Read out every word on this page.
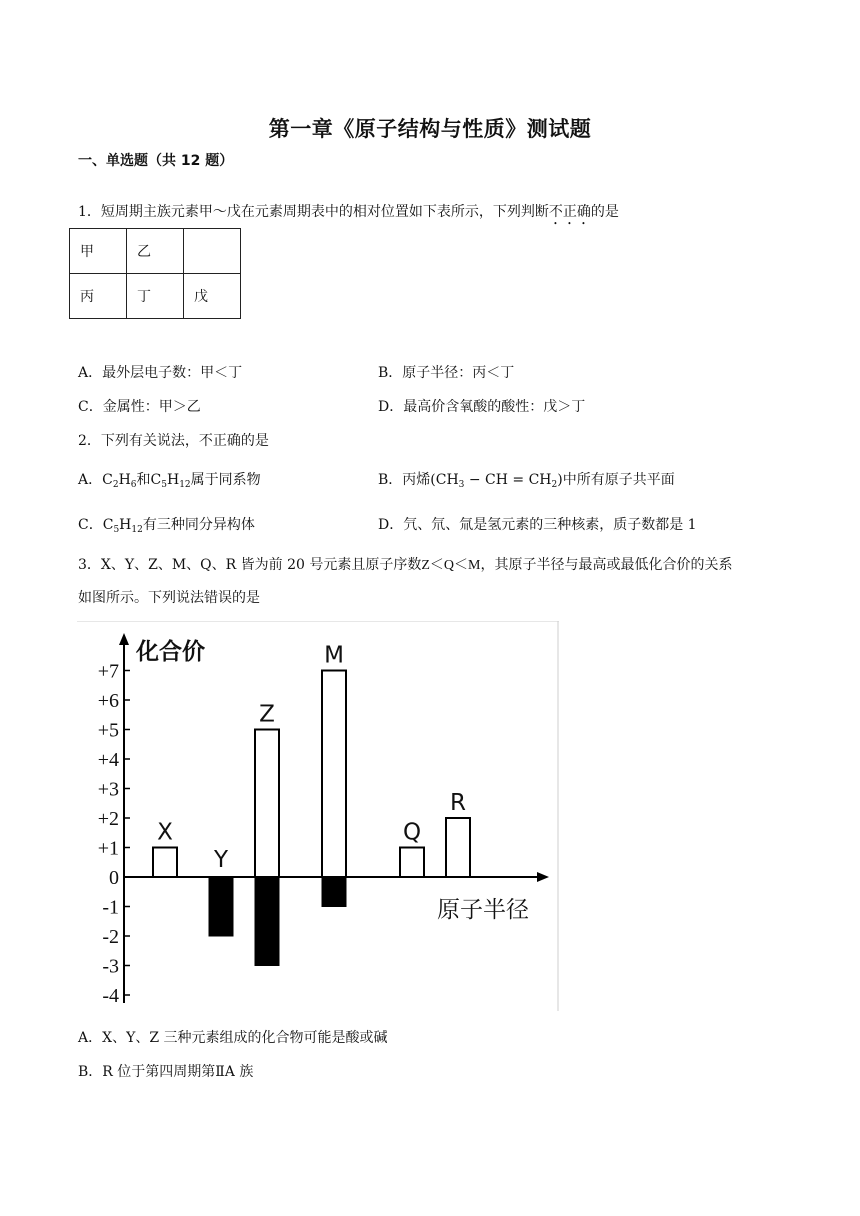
第一章《原子结构与性质》测试题
一、单选题（共 12 题）
1．短周期主族元素甲～戊在元素周期表中的相对位置如下表所示，下列判断不正确的是
甲	乙	
丙	丁	戊
A．最外层电子数：甲＜丁	B．原子半径：丙＜丁
C．金属性：甲＞乙	D．最高价含氧酸的酸性：戊＞丁
2．下列有关说法，不正确的是
A．$C_2H_6$和$C_5H_{12}$属于同系物	B．丙烯($CH_3$ − CH = $CH_2$)中所有原子共平面
C．$C_5H_{12}$有三种同分异构体	D．氕、氘、氚是氢元素的三种核素，质子数都是 1
3．X、Y、Z、M、Q、R 皆为前 20 号元素且原子序数Z＜Q＜M，其原子半径与最高或最低化合价的关系
如图所示。下列说法错误的是
化合价
原子半径
+7
+6
+5
+4
+3
+2
+1
0
-1
-2
-3
-4
X
Y
Z
M
Q
R
A．X、Y、Z 三种元素组成的化合物可能是酸或碱
B．R 位于第四周期第ⅡA 族
